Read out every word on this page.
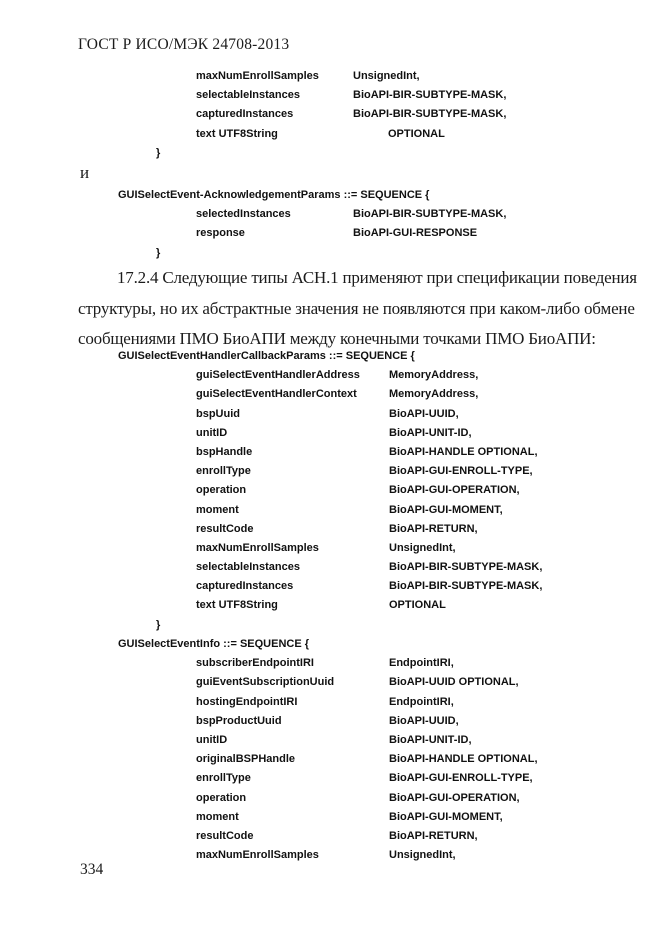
ГОСТ Р ИСО/МЭК 24708-2013
maxNumEnrollSamples	UnsignedInt,
selectableInstances	BioAPI-BIR-SUBTYPE-MASK,
capturedInstances	BioAPI-BIR-SUBTYPE-MASK,
text UTF8String	OPTIONAL
}
и
GUISelectEvent-AcknowledgementParams ::= SEQUENCE {
selectedInstances	BioAPI-BIR-SUBTYPE-MASK,
response	BioAPI-GUI-RESPONSE
}
17.2.4 Следующие типы АСН.1 применяют при спецификации поведения
структуры, но их абстрактные значения не появляются при каком-либо обмене
сообщениями ПМО БиоАПИ между конечными точками ПМО БиоАПИ:
GUISelectEventHandlerCallbackParams ::= SEQUENCE {
guiSelectEventHandlerAddress	MemoryAddress,
guiSelectEventHandlerContext	MemoryAddress,
bspUuid	BioAPI-UUID,
unitID	BioAPI-UNIT-ID,
bspHandle	BioAPI-HANDLE OPTIONAL,
enrollType	BioAPI-GUI-ENROLL-TYPE,
operation	BioAPI-GUI-OPERATION,
moment	BioAPI-GUI-MOMENT,
resultCode	BioAPI-RETURN,
maxNumEnrollSamples	UnsignedInt,
selectableInstances	BioAPI-BIR-SUBTYPE-MASK,
capturedInstances	BioAPI-BIR-SUBTYPE-MASK,
text UTF8String	OPTIONAL
}
GUISelectEventInfo ::= SEQUENCE {
subscriberEndpointIRI	EndpointIRI,
guiEventSubscriptionUuid	BioAPI-UUID OPTIONAL,
hostingEndpointIRI	EndpointIRI,
bspProductUuid	BioAPI-UUID,
unitID	BioAPI-UNIT-ID,
originalBSPHandle	BioAPI-HANDLE OPTIONAL,
enrollType	BioAPI-GUI-ENROLL-TYPE,
operation	BioAPI-GUI-OPERATION,
moment	BioAPI-GUI-MOMENT,
resultCode	BioAPI-RETURN,
maxNumEnrollSamples	UnsignedInt,
334
